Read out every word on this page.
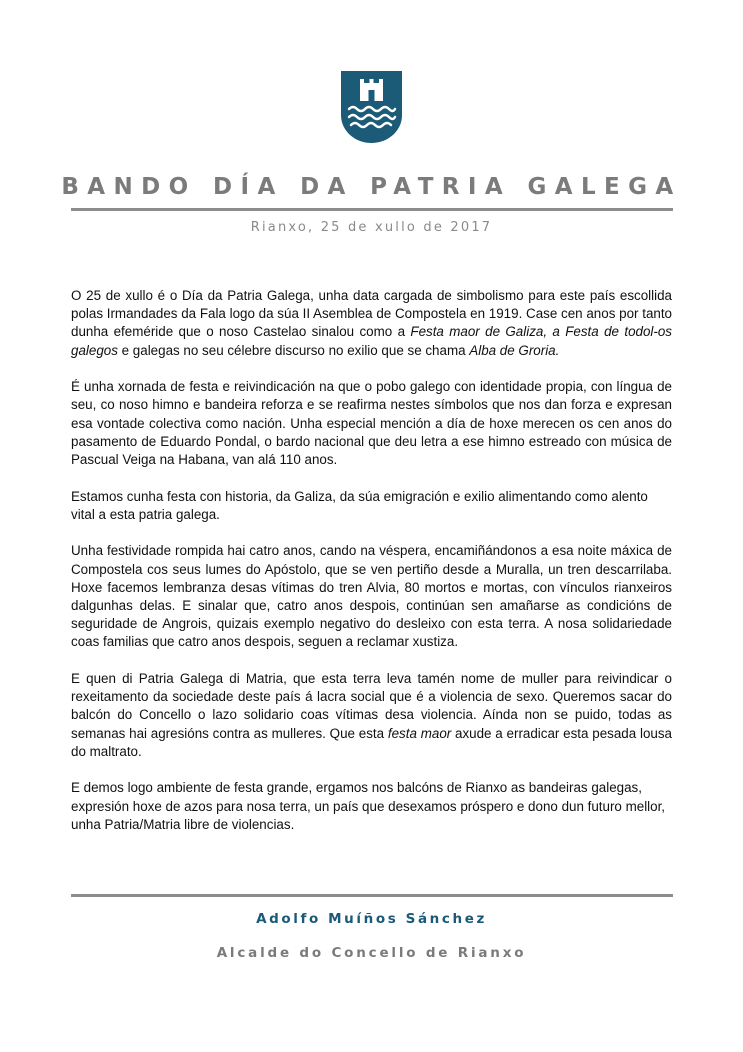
BANDO DÍA DA PATRIA GALEGA
Rianxo, 25 de xullo de 2017

O 25 de xullo é o Día da Patria Galega, unha data cargada de simbolismo para este país escollida polas Irmandades da Fala logo da súa II Asemblea de Compostela en 1919. Case cen anos por tanto dunha efeméride que o noso Castelao sinalou como a Festa maor de Galiza, a Festa de todol-os galegos e galegas no seu célebre discurso no exilio que se chama Alba de Groria.

É unha xornada de festa e reivindicación na que o pobo galego con identidade propia, con língua de seu, co noso himno e bandeira reforza e se reafirma nestes símbolos que nos dan forza e expresan esa vontade colectiva como nación. Unha especial mención a día de hoxe merecen os cen anos do pasamento de Eduardo Pondal, o bardo nacional que deu letra a ese himno estreado con música de Pascual Veiga na Habana, van alá 110 anos.

Estamos cunha festa con historia, da Galiza, da súa emigración e exilio alimentando como alento vital a esta patria galega.

Unha festividade rompida hai catro anos, cando na véspera, encamiñándonos a esa noite máxica de Compostela cos seus lumes do Apóstolo, que se ven pertiño desde a Muralla, un tren descarrilaba. Hoxe facemos lembranza desas vítimas do tren Alvia, 80 mortos e mortas, con vínculos rianxeiros dalgunhas delas. E sinalar que, catro anos despois, continúan sen amañarse as condicións de seguridade de Angrois, quizais exemplo negativo do desleixo con esta terra. A nosa solidariedade coas familias que catro anos despois, seguen a reclamar xustiza.

E quen di Patria Galega di Matria, que esta terra leva tamén nome de muller para reivindicar o rexeitamento da sociedade deste país á lacra social que é a violencia de sexo. Queremos sacar do balcón do Concello o lazo solidario coas vítimas desa violencia. Aínda non se puido, todas as semanas hai agresións contra as mulleres. Que esta festa maor axude a erradicar esta pesada lousa do maltrato.

E demos logo ambiente de festa grande, ergamos nos balcóns de Rianxo as bandeiras galegas, expresión hoxe de azos para nosa terra, un país que desexamos próspero e dono dun futuro mellor, unha Patria/Matria libre de violencias.

Adolfo Muíños Sánchez
Alcalde do Concello de Rianxo
